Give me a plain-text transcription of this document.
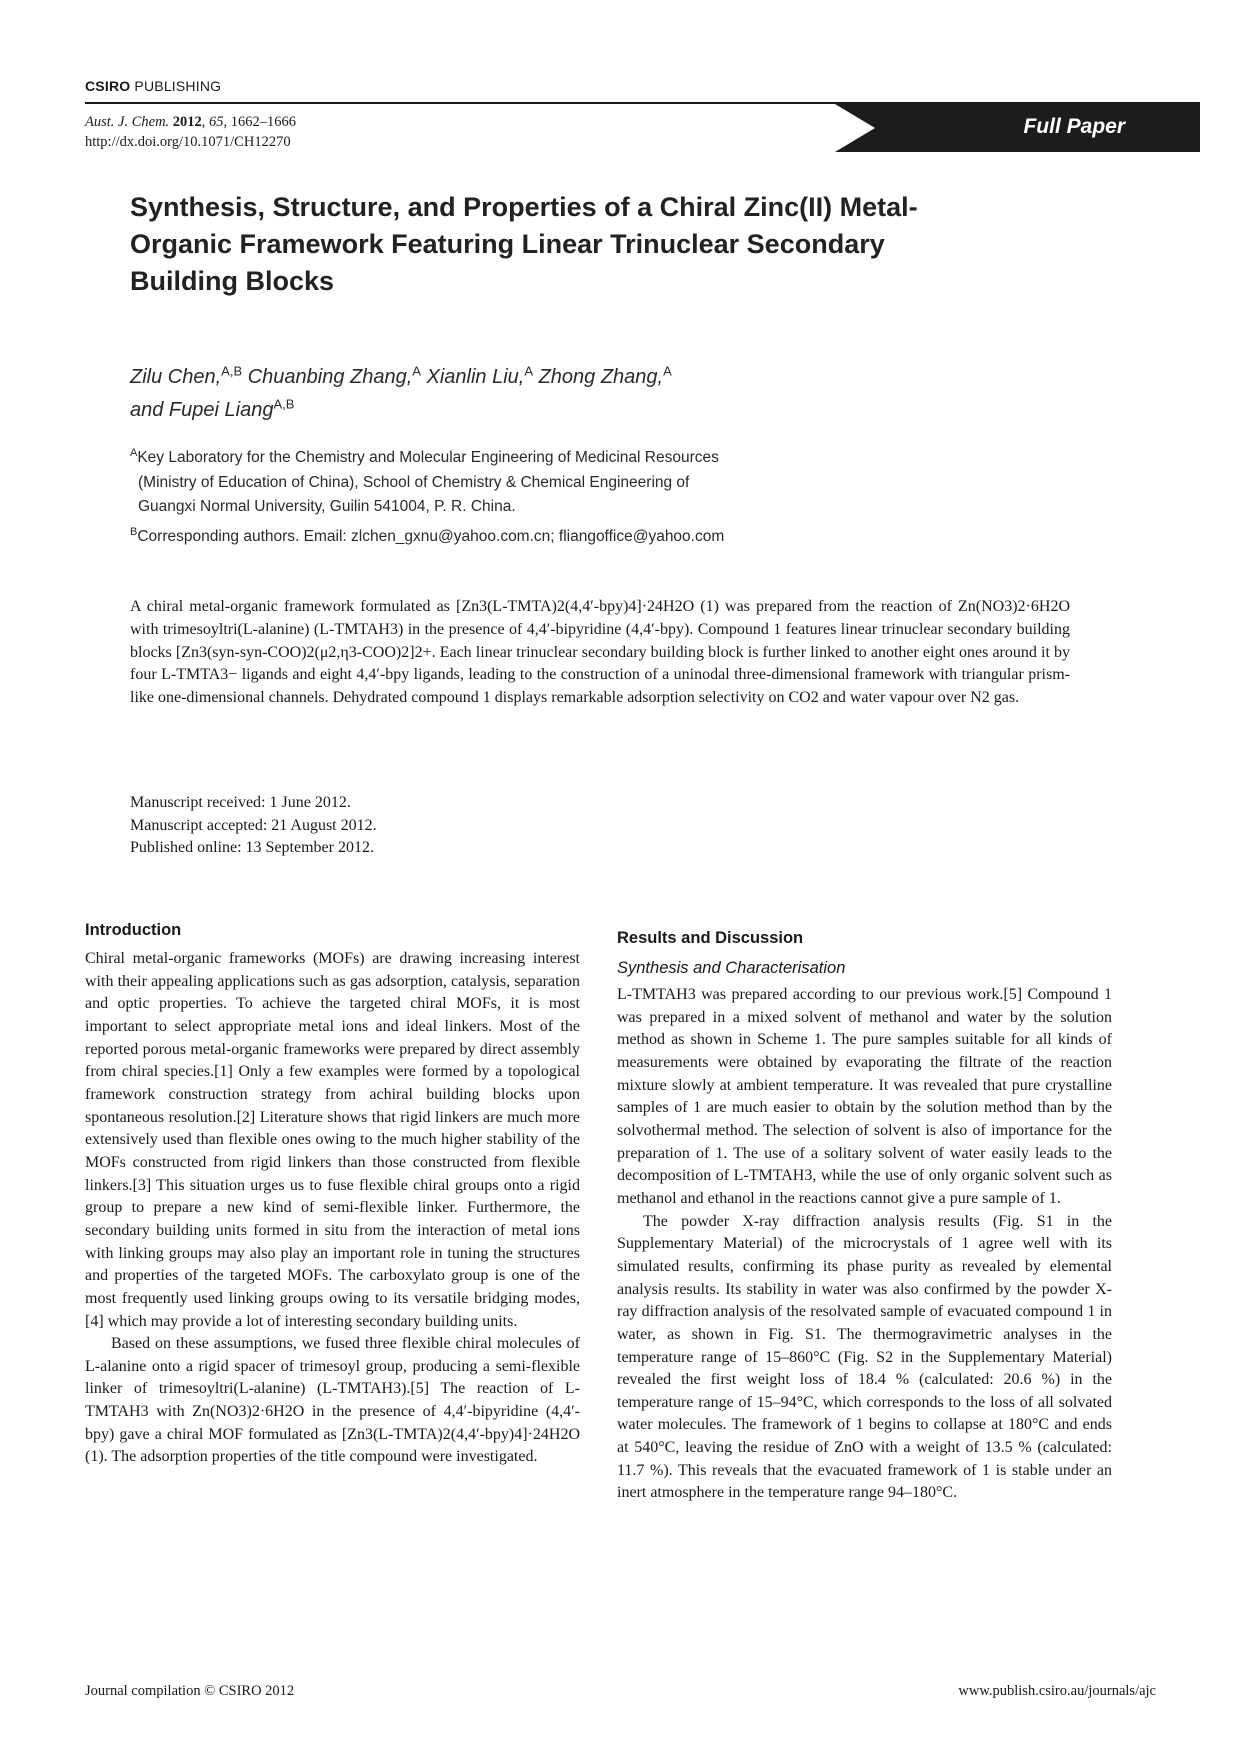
CSIRO PUBLISHING
Aust. J. Chem. 2012, 65, 1662–1666
http://dx.doi.org/10.1071/CH12270
Full Paper
Synthesis, Structure, and Properties of a Chiral Zinc(II) Metal-Organic Framework Featuring Linear Trinuclear Secondary Building Blocks
Zilu Chen,$^{A,B}$ Chuanbing Zhang,$^A$ Xianlin Liu,$^A$ Zhong Zhang,$^A$
and Fupei Liang$^{A,B}$
$^A$Key Laboratory for the Chemistry and Molecular Engineering of Medicinal Resources
(Ministry of Education of China), School of Chemistry & Chemical Engineering of
Guangxi Normal University, Guilin 541004, P. R. China.
$^B$Corresponding authors. Email: zlchen_gxnu@yahoo.com.cn; fliangoffice@yahoo.com

A chiral metal-organic framework formulated as [Zn3(L-TMTA)2(4,4′-bpy)4]·24H2O (1) was prepared from the reaction of Zn(NO3)2·6H2O with trimesoyltri(L-alanine) (L-TMTAH3) in the presence of 4,4′-bipyridine (4,4′-bpy). Compound 1 features linear trinuclear secondary building blocks [Zn3(syn-syn-COO)2(μ2,η3-COO)2]2+. Each linear trinuclear secondary building block is further linked to another eight ones around it by four L-TMTA3− ligands and eight 4,4′-bpy ligands, leading to the construction of a uninodal three-dimensional framework with triangular prism-like one-dimensional channels. Dehydrated compound 1 displays remarkable adsorption selectivity on CO2 and water vapour over N2 gas.

Manuscript received: 1 June 2012.
Manuscript accepted: 21 August 2012.
Published online: 13 September 2012.
Introduction
Chiral metal-organic frameworks (MOFs) are drawing increasing interest with their appealing applications such as gas adsorption, catalysis, separation and optic properties. To achieve the targeted chiral MOFs, it is most important to select appropriate metal ions and ideal linkers. Most of the reported porous metal-organic frameworks were prepared by direct assembly from chiral species.[1] Only a few examples were formed by a topological framework construction strategy from achiral building blocks upon spontaneous resolution.[2] Literature shows that rigid linkers are much more extensively used than flexible ones owing to the much higher stability of the MOFs constructed from rigid linkers than those constructed from flexible linkers.[3] This situation urges us to fuse flexible chiral groups onto a rigid group to prepare a new kind of semi-flexible linker. Furthermore, the secondary building units formed in situ from the interaction of metal ions with linking groups may also play an important role in tuning the structures and properties of the targeted MOFs. The carboxylato group is one of the most frequently used linking groups owing to its versatile bridging modes,[4] which may provide a lot of interesting secondary building units.
Based on these assumptions, we fused three flexible chiral molecules of L-alanine onto a rigid spacer of trimesoyl group, producing a semi-flexible linker of trimesoyltri(L-alanine) (L-TMTAH3).[5] The reaction of L-TMTAH3 with Zn(NO3)2·6H2O in the presence of 4,4′-bipyridine (4,4′-bpy) gave a chiral MOF formulated as [Zn3(L-TMTA)2(4,4′-bpy)4]·24H2O (1). The adsorption properties of the title compound were investigated.
Results and Discussion
Synthesis and Characterisation
L-TMTAH3 was prepared according to our previous work.[5] Compound 1 was prepared in a mixed solvent of methanol and water by the solution method as shown in Scheme 1. The pure samples suitable for all kinds of measurements were obtained by evaporating the filtrate of the reaction mixture slowly at ambient temperature. It was revealed that pure crystalline samples of 1 are much easier to obtain by the solution method than by the solvothermal method. The selection of solvent is also of importance for the preparation of 1. The use of a solitary solvent of water easily leads to the decomposition of L-TMTAH3, while the use of only organic solvent such as methanol and ethanol in the reactions cannot give a pure sample of 1.
The powder X-ray diffraction analysis results (Fig. S1 in the Supplementary Material) of the microcrystals of 1 agree well with its simulated results, confirming its phase purity as revealed by elemental analysis results. Its stability in water was also confirmed by the powder X-ray diffraction analysis of the resolvated sample of evacuated compound 1 in water, as shown in Fig. S1. The thermogravimetric analyses in the temperature range of 15–860°C (Fig. S2 in the Supplementary Material) revealed the first weight loss of 18.4 % (calculated: 20.6 %) in the temperature range of 15–94°C, which corresponds to the loss of all solvated water molecules. The framework of 1 begins to collapse at 180°C and ends at 540°C, leaving the residue of ZnO with a weight of 13.5 % (calculated: 11.7 %). This reveals that the evacuated framework of 1 is stable under an inert atmosphere in the temperature range 94–180°C.
Journal compilation © CSIRO 2012	www.publish.csiro.au/journals/ajc
